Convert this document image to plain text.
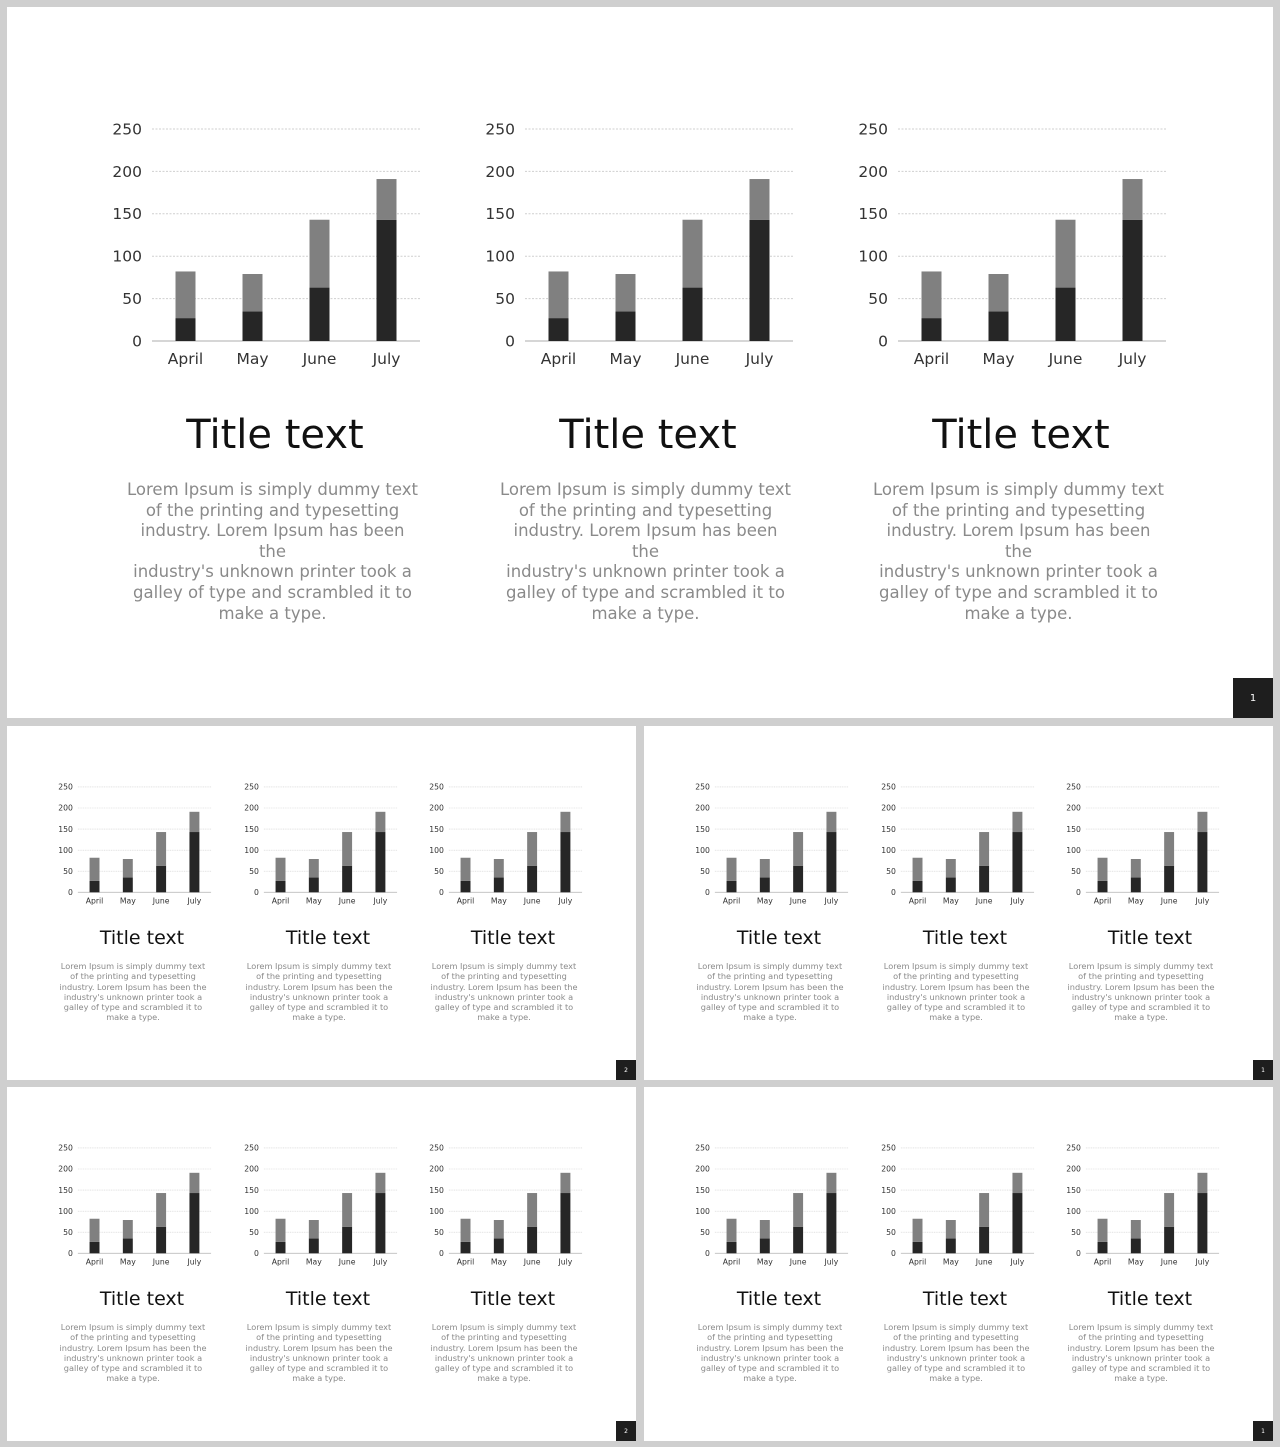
0
50
100
150
200
250
April May June July
Title text
Lorem Ipsum is simply dummy text
of the printing and typesetting
industry. Lorem Ipsum has been the
industry's unknown printer took a
galley of type and scrambled it to
make a type.
0
50
100
150
200
250
April May June July
Title text
Lorem Ipsum is simply dummy text
of the printing and typesetting
industry. Lorem Ipsum has been the
industry's unknown printer took a
galley of type and scrambled it to
make a type.
0
50
100
150
200
250
April May June July
Title text
Lorem Ipsum is simply dummy text
of the printing and typesetting
industry. Lorem Ipsum has been the
industry's unknown printer took a
galley of type and scrambled it to
make a type.
1
0
50
100
150
200
250
April May June July
Title text
Lorem Ipsum is simply dummy text
of the printing and typesetting
industry. Lorem Ipsum has been the
industry's unknown printer took a
galley of type and scrambled it to
make a type.
0
50
100
150
200
250
April May June July
Title text
Lorem Ipsum is simply dummy text
of the printing and typesetting
industry. Lorem Ipsum has been the
industry's unknown printer took a
galley of type and scrambled it to
make a type.
0
50
100
150
200
250
April May June July
Title text
Lorem Ipsum is simply dummy text
of the printing and typesetting
industry. Lorem Ipsum has been the
industry's unknown printer took a
galley of type and scrambled it to
make a type.
2
0
50
100
150
200
250
April May June July
Title text
Lorem Ipsum is simply dummy text
of the printing and typesetting
industry. Lorem Ipsum has been the
industry's unknown printer took a
galley of type and scrambled it to
make a type.
0
50
100
150
200
250
April May June July
Title text
Lorem Ipsum is simply dummy text
of the printing and typesetting
industry. Lorem Ipsum has been the
industry's unknown printer took a
galley of type and scrambled it to
make a type.
0
50
100
150
200
250
April May June July
Title text
Lorem Ipsum is simply dummy text
of the printing and typesetting
industry. Lorem Ipsum has been the
industry's unknown printer took a
galley of type and scrambled it to
make a type.
1
0
50
100
150
200
250
April May June July
Title text
Lorem Ipsum is simply dummy text
of the printing and typesetting
industry. Lorem Ipsum has been the
industry's unknown printer took a
galley of type and scrambled it to
make a type.
0
50
100
150
200
250
April May June July
Title text
Lorem Ipsum is simply dummy text
of the printing and typesetting
industry. Lorem Ipsum has been the
industry's unknown printer took a
galley of type and scrambled it to
make a type.
0
50
100
150
200
250
April May June July
Title text
Lorem Ipsum is simply dummy text
of the printing and typesetting
industry. Lorem Ipsum has been the
industry's unknown printer took a
galley of type and scrambled it to
make a type.
2
0
50
100
150
200
250
April May June July
Title text
Lorem Ipsum is simply dummy text
of the printing and typesetting
industry. Lorem Ipsum has been the
industry's unknown printer took a
galley of type and scrambled it to
make a type.
0
50
100
150
200
250
April May June July
Title text
Lorem Ipsum is simply dummy text
of the printing and typesetting
industry. Lorem Ipsum has been the
industry's unknown printer took a
galley of type and scrambled it to
make a type.
0
50
100
150
200
250
April May June July
Title text
Lorem Ipsum is simply dummy text
of the printing and typesetting
industry. Lorem Ipsum has been the
industry's unknown printer took a
galley of type and scrambled it to
make a type.
1
